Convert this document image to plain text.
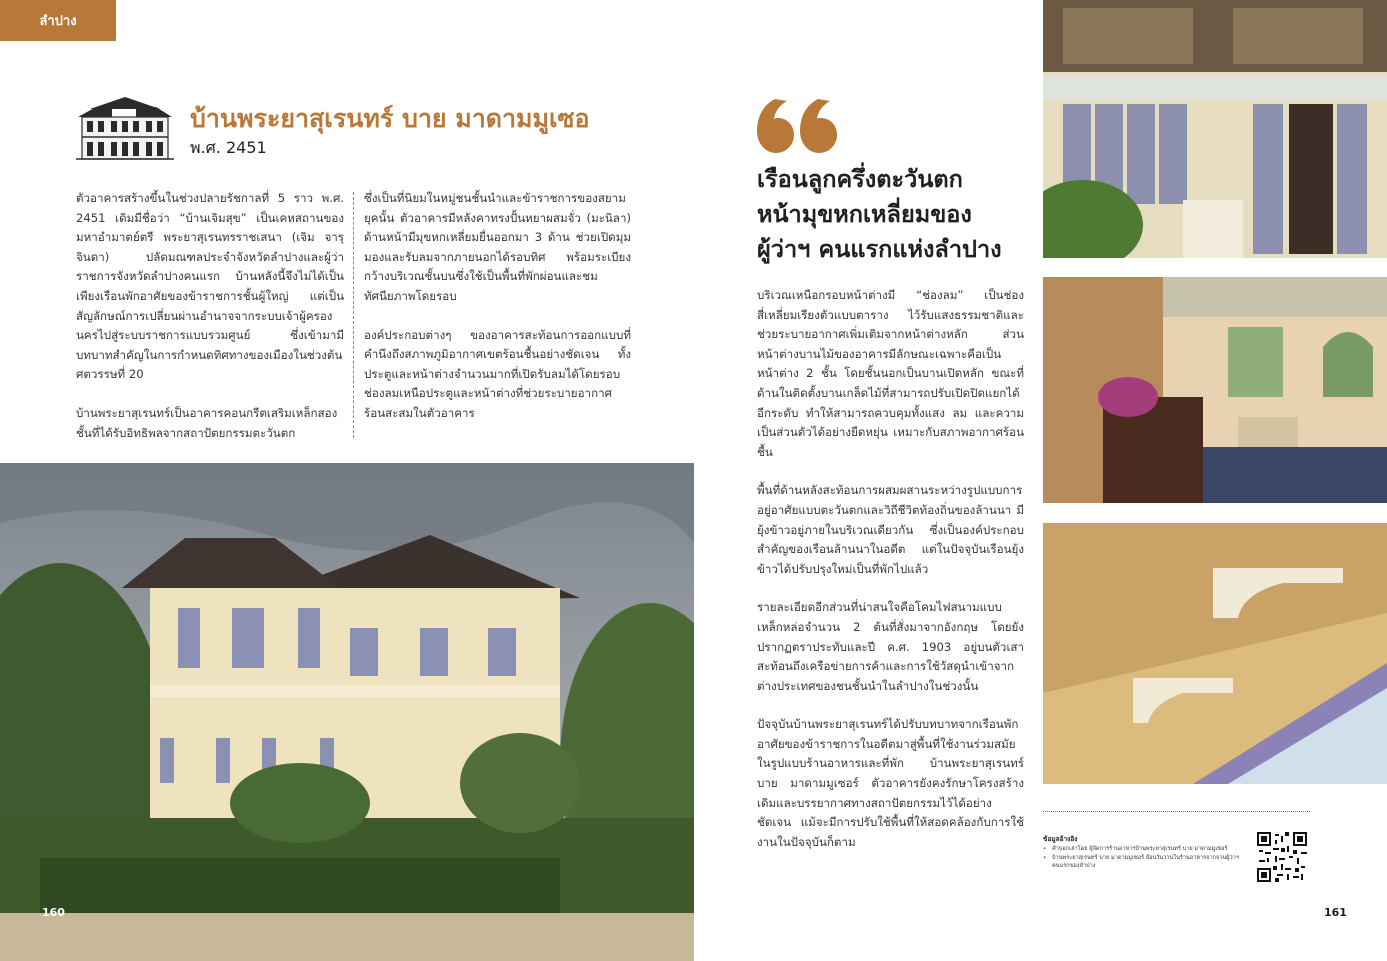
ลำปาง
บ้านพระยาสุเรนทร์ บาย มาดามมูเซอ
พ.ศ. 2451

ตัวอาคารสร้างขึ้นในช่วงปลายรัชกาลที่ 5 ราว พ.ศ. 2451 เดิมมีชื่อว่า “บ้านเจิมสุข” เป็นเคหสถานของมหาอำมาตย์ตรี พระยาสุเรนทรราชเสนา (เจิม จารุจินดา) ปลัดมณฑลประจำจังหวัดลำปางและผู้ว่าราชการจังหวัดลำปางคนแรก บ้านหลังนี้จึงไม่ได้เป็นเพียงเรือนพักอาศัยของข้าราชการชั้นผู้ใหญ่ แต่เป็นสัญลักษณ์การเปลี่ยนผ่านอำนาจจากระบบเจ้าผู้ครองนครไปสู่ระบบราชการแบบรวมศูนย์ ซึ่งเข้ามามีบทบาทสำคัญในการกำหนดทิศทางของเมืองในช่วงต้นศตวรรษที่ 20

บ้านพระยาสุเรนทร์เป็นอาคารคอนกรีตเสริมเหล็กสองชั้นที่ได้รับอิทธิพลจากสถาปัตยกรรมตะวันตก

ซึ่งเป็นที่นิยมในหมู่ชนชั้นนำและข้าราชการของสยามยุคนั้น ตัวอาคารมีหลังคาทรงปั้นหยาผสมจั่ว (มะนิลา) ด้านหน้ามีมุขหกเหลี่ยมยื่นออกมา 3 ด้าน ช่วยเปิดมุมมองและรับลมจากภายนอกได้รอบทิศ พร้อมระเบียงกว้างบริเวณชั้นบนซึ่งใช้เป็นพื้นที่พักผ่อนและชมทัศนียภาพโดยรอบ

องค์ประกอบต่างๆ ของอาคารสะท้อนการออกแบบที่คำนึงถึงสภาพภูมิอากาศเขตร้อนชื้นอย่างชัดเจน ทั้งประตูและหน้าต่างจำนวนมากที่เปิดรับลมได้โดยรอบ ช่องลมเหนือประตูและหน้าต่างที่ช่วยระบายอากาศร้อนสะสมในตัวอาคาร

เรือนลูกครึ่งตะวันตก
หน้ามุขหกเหลี่ยมของ
ผู้ว่าฯ คนแรกแห่งลำปาง

บริเวณเหนือกรอบหน้าต่างมี “ช่องลม” เป็นช่องสี่เหลี่ยมเรียงตัวแบบตาราง ไว้รับแสงธรรมชาติและช่วยระบายอากาศเพิ่มเติมจากหน้าต่างหลัก ส่วนหน้าต่างบานไม้ของอาคารมีลักษณะเฉพาะคือเป็นหน้าต่าง 2 ชั้น โดยชั้นนอกเป็นบานเปิดหลัก ขณะที่ด้านในติดตั้งบานเกล็ดไม้ที่สามารถปรับเปิดปิดแยกได้อีกระดับ ทำให้สามารถควบคุมทั้งแสง ลม และความเป็นส่วนตัวได้อย่างยืดหยุ่น เหมาะกับสภาพอากาศร้อนชื้น

พื้นที่ด้านหลังสะท้อนการผสมผสานระหว่างรูปแบบการอยู่อาศัยแบบตะวันตกและวิถีชีวิตท้องถิ่นของล้านนา มียุ้งข้าวอยู่ภายในบริเวณเดียวกัน ซึ่งเป็นองค์ประกอบสำคัญของเรือนล้านนาในอดีต แต่ในปัจจุบันเรือนยุ้งข้าวได้ปรับปรุงใหม่เป็นที่พักไปแล้ว

รายละเอียดอีกส่วนที่น่าสนใจคือโคมไฟสนามแบบเหล็กหล่อจำนวน 2 ต้นที่สั่งมาจากอังกฤษ โดยยังปรากฏตราประทับและปี ค.ศ. 1903 อยู่บนตัวเสา สะท้อนถึงเครือข่ายการค้าและการใช้วัสดุนำเข้าจากต่างประเทศของชนชั้นนำในลำปางในช่วงนั้น

ปัจจุบันบ้านพระยาสุเรนทร์ได้ปรับบทบาทจากเรือนพักอาศัยของข้าราชการในอดีตมาสู่พื้นที่ใช้งานร่วมสมัยในรูปแบบร้านอาหารและที่พัก บ้านพระยาสุเรนทร์ บาย มาดามมูเซอร์ ตัวอาคารยังคงรักษาโครงสร้างเดิมและบรรยากาศทางสถาปัตยกรรมไว้ได้อย่างชัดเจน แม้จะมีการปรับใช้พื้นที่ให้สอดคล้องกับการใช้งานในปัจจุบันก็ตาม	ข้อมูลอ้างอิง
• คำบอกเล่าโดย ผู้จัดการร้านอาหารบ้านพระยาสุเรนทร์ บาย มาดามมูเซอร์
• บ้านพระยาสุเรนทร์ บาย มาดามมูเซอร์ ย้อนวันวานในร้านอาหารจากจวนผู้ว่าฯ คนแรกของลำปาง
160	161
